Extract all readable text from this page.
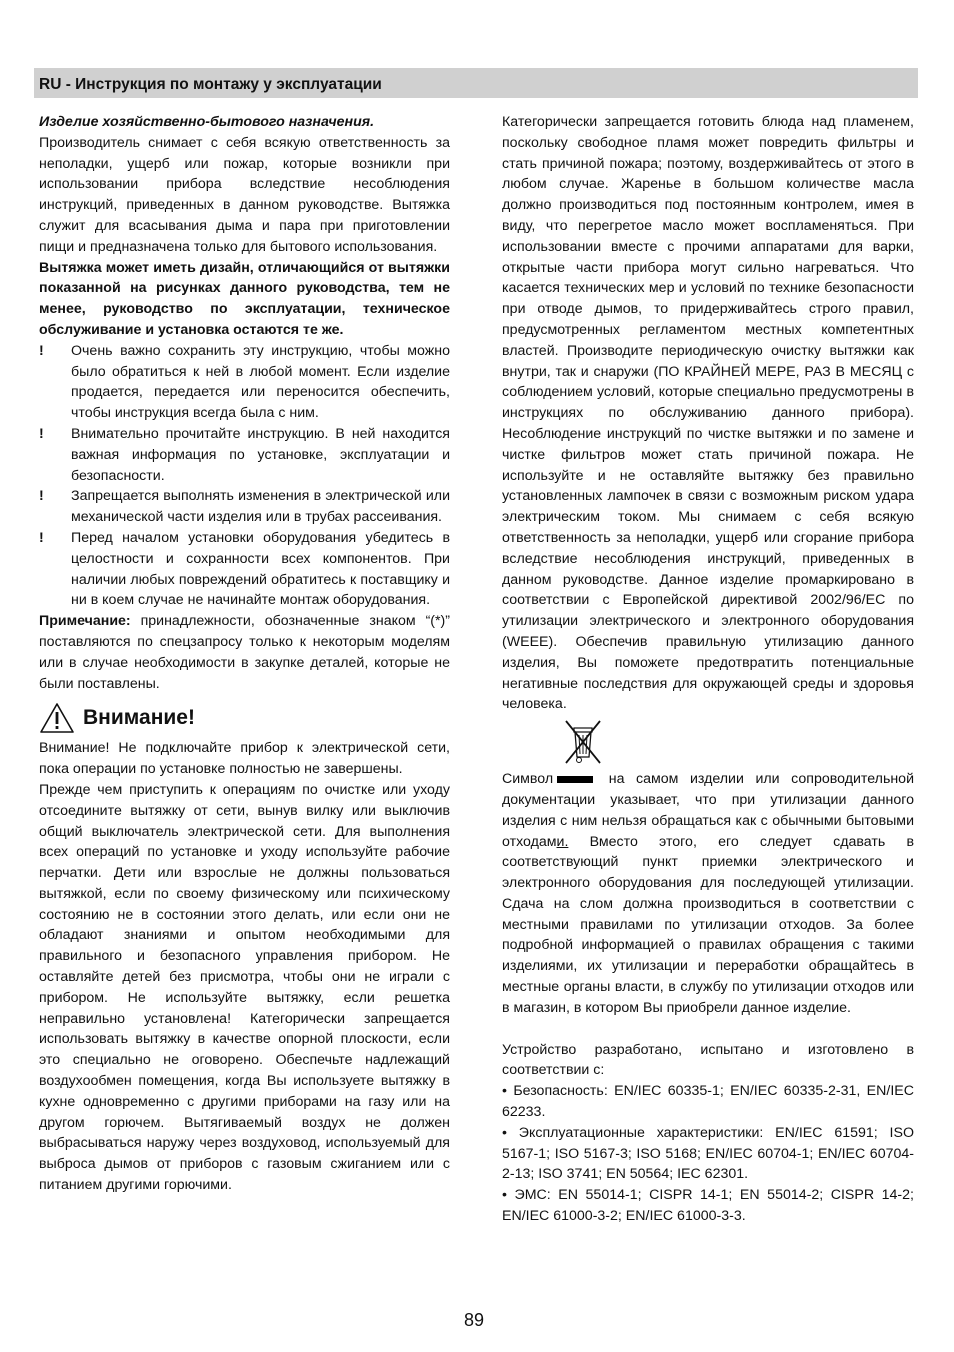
RU - Инструкция по монтажу у эксплуатации

Изделие хозяйственно-бытового назначения.

Производитель снимает с себя всякую ответственность за неполадки, ущерб или пожар, которые возникли при использовании прибора вследствие несоблюдения инструкций, приведенных в данном руководстве. Вытяжка служит для всасывания дыма и пара при приготовлении пищи и предназначена только для бытового использования.

Вытяжка может иметь дизайн, отличающийся от вытяжки показанной на рисунках данного руководства, тем не менее, руководство по эксплуатации, техническое обслуживание и установка остаются те же.

!	Очень важно сохранить эту инструкцию, чтобы можно было обратиться к ней в любой момент. Если изделие продается, передается или переносится обеспечить, чтобы инструкция всегда была с ним.
!	Внимательно прочитайте инструкцию. В ней находится важная информация по установке, эксплуатации и безопасности.
!	Запрещается выполнять изменения в электрической или механической части изделия или в трубах рассеивания.
!	Перед началом установки оборудования убедитесь в целостности и сохранности всех компонентов. При наличии любых повреждений обратитесь к поставщику и ни в коем случае не начинайте монтаж оборудования.

Примечание: принадлежности, обозначенные знаком “(*)” поставляются по спецзапросу только к некоторым моделям или в случае необходимости в закупке деталей, которые не были поставлены.

Внимание!

Внимание! Не подключайте прибор к электрической сети, пока операции по установке полностью не завершены.

Прежде чем приступить к операциям по очистке или уходу отсоедините вытяжку от сети, вынув вилку или выключив общий выключатель электрической сети. Для выполнения всех операций по установке и уходу используйте рабочие перчатки. Дети или взрослые не должны пользоваться вытяжкой, если по своему физическому или психическому состоянию не в состоянии этого делать, или если они не обладают знаниями и опытом необходимыми для правильного и безопасного управления прибором. Не оставляйте детей без присмотра, чтобы они не играли с прибором. Не используйте вытяжку, если решетка неправильно установлена! Категорически запрещается использовать вытяжку в качестве опорной плоскости, если это специально не оговорено. Обеспечьте надлежащий воздухообмен помещения, когда Вы используете вытяжку в кухне одновременно с другими приборами на газу или на другом горючем. Вытягиваемый воздух не должен выбрасываться наружу через воздуховод, используемый для выброса дымов от приборов с газовым сжиганием или с питанием другими горючими.

Категорически запрещается готовить блюда над пламенем, поскольку свободное пламя может повредить фильтры и стать причиной пожара; поэтому, воздерживайтесь от этого в любом случае. Жаренье в большом количестве масла должно производиться под постоянным контролем, имея в виду, что перегретое масло может воспламеняться. При использовании вместе с прочими аппаратами для варки, открытые части прибора могут сильно нагреваться. Что касается технических мер и условий по технике безопасности при отводе дымов, то придерживайтесь строго правил, предусмотренных регламентом местных компетентных властей. Производите периодическую очистку вытяжки как внутри, так и снаружи (ПО КРАЙНЕЙ МЕРЕ, РАЗ В МЕСЯЦ с соблюдением условий, которые специально предусмотрены в инструкциях по обслуживанию данного прибора). Несоблюдение инструкций по чистке вытяжки и по замене и чистке фильтров может стать причиной пожара. Не используйте и не оставляйте вытяжку без правильно установленных лампочек в связи с возможным риском удара электрическим током. Мы снимаем с себя всякую ответственность за неполадки, ущерб или сгорание прибора вследствие несоблюдения инструкций, приведенных в данном руководстве. Данное изделие промаркировано в соответствии с Европейской директивой 2002/96/EC по утилизации электрического и электронного оборудования (WEEE). Обеспечив правильную утилизацию данного изделия, Вы поможете предотвратить потенциальные негативные последствия для окружающей среды и здоровья человека.

Символ	на самом изделии или сопроводительной документации указывает, что при утилизации данного изделия с ним нельзя обращаться как с обычными бытовыми отходами. Вместо этого, его следует сдавать в соответствующий пункт приемки электрического и электронного оборудования для последующей утилизации. Сдача на слом должна производиться в соответствии с местными правилами по утилизации отходов. За более подробной информацией о правилах обращения с такими изделиями, их утилизации и переработки обращайтесь в местные органы власти, в службу по утилизации отходов или в магазин, в котором Вы приобрели данное изделие.

Устройство разработано, испытано и изготовлено в соответствии с:

• Безопасность: EN/IEC 60335-1; EN/IEC 60335-2-31, EN/IEC 62233.

• Эксплуатационные характеристики: EN/IEC 61591; ISO 5167-1; ISO 5167-3; ISO 5168; EN/IEC 60704-1; EN/IEC 60704-2-13; ISO 3741; EN 50564; IEC 62301.

• ЭМС: EN 55014-1; CISPR 14-1; EN 55014-2; CISPR 14-2; EN/IEC 61000-3-2; EN/IEC 61000-3-3.

89
